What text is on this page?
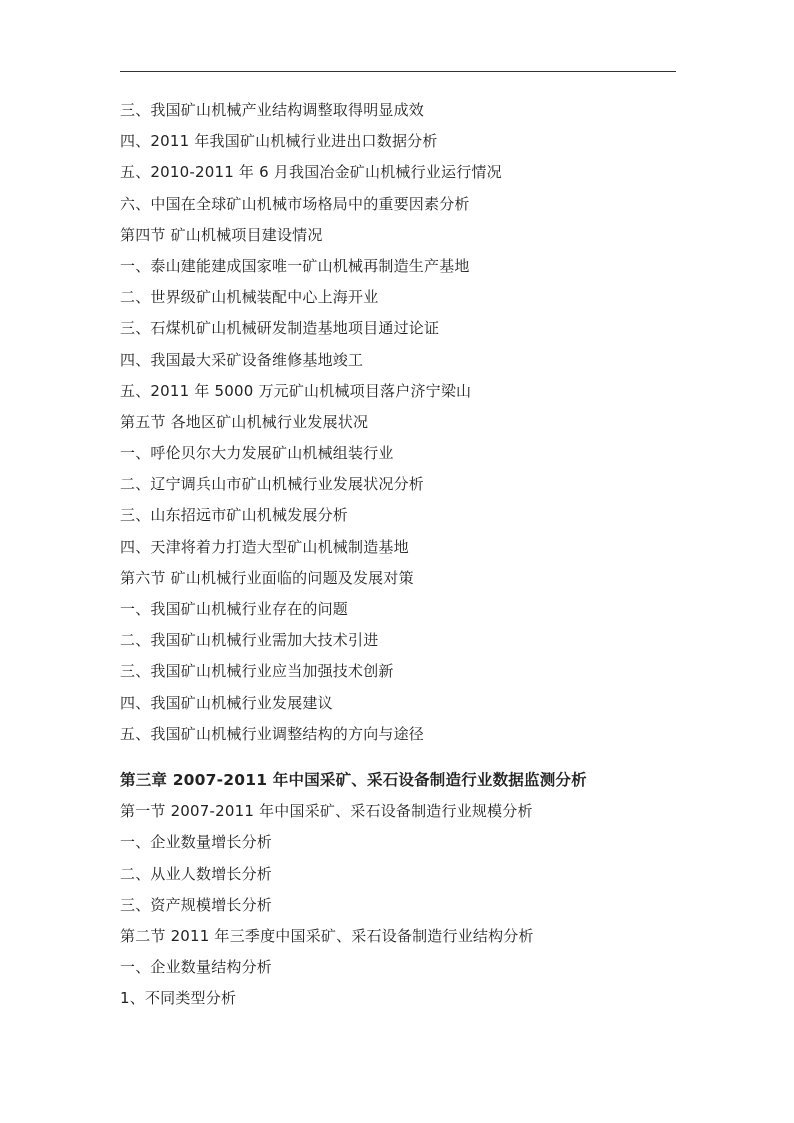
三、我国矿山机械产业结构调整取得明显成效
四、2011 年我国矿山机械行业进出口数据分析
五、2010-2011 年 6 月我国冶金矿山机械行业运行情况
六、中国在全球矿山机械市场格局中的重要因素分析
第四节 矿山机械项目建设情况
一、泰山建能建成国家唯一矿山机械再制造生产基地
二、世界级矿山机械装配中心上海开业
三、石煤机矿山机械研发制造基地项目通过论证
四、我国最大采矿设备维修基地竣工
五、2011 年 5000 万元矿山机械项目落户济宁梁山
第五节 各地区矿山机械行业发展状况
一、呼伦贝尔大力发展矿山机械组装行业
二、辽宁调兵山市矿山机械行业发展状况分析
三、山东招远市矿山机械发展分析
四、天津将着力打造大型矿山机械制造基地
第六节 矿山机械行业面临的问题及发展对策
一、我国矿山机械行业存在的问题
二、我国矿山机械行业需加大技术引进
三、我国矿山机械行业应当加强技术创新
四、我国矿山机械行业发展建议
五、我国矿山机械行业调整结构的方向与途径
第三章 2007-2011 年中国采矿、采石设备制造行业数据监测分析
第一节 2007-2011 年中国采矿、采石设备制造行业规模分析
一、企业数量增长分析
二、从业人数增长分析
三、资产规模增长分析
第二节 2011 年三季度中国采矿、采石设备制造行业结构分析
一、企业数量结构分析
1、不同类型分析
